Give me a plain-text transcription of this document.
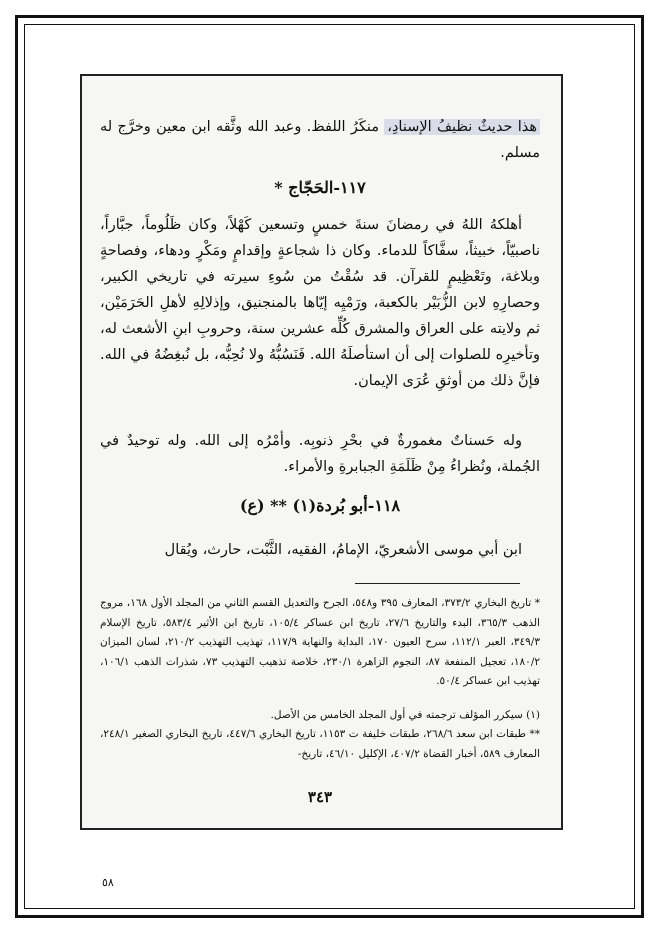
هذا حديثٌ نظيفُ الإسنادِ، منكَرُ اللفظ. وعبد الله وثَّقه ابن معين وخرَّج له مسلم.
١١٧-الحَجّاج *
أهلكهُ اللهُ في رمضانَ سنةَ خمسٍ وتسعين كَهْلاً، وكان ظَلُوماً، جبَّاراً، ناصبيّاً، خبيثاً، سفَّاكاً للدماء. وكان ذا شجاعةٍ وإقدامٍ ومَكْرٍ ودهاء، وفصاحةٍ وبلاغة، وتَعْظِيمٍ للقرآن. قد سُقْتُ من سُوءِ سيرته في تاريخي الكبير، وحصارِهِ لابن الزُّبَيْر بالكعبة، ورَمْيِه إيّاها بالمنجنيق، وإذلالِهِ لأهلِ الحَرَمَيْن، ثم ولايته على العراق والمشرق كُلِّه عشرين سنة، وحروبِ ابنِ الأشعث له، وتأخيرِه للصلوات إلى أن استأصلَهُ الله. فَنَسُبُّهُ ولا نُحِبُّه، بل نُبغِضُهُ في الله. فإنَّ ذلك من أوثقِ عُرَى الإيمان.
وله حَسناتٌ مغمورةٌ في بحْرِ ذنوبِه. وأمْرُه إلى الله. وله توحيدٌ في الجُملة، ونُظراءُ مِنْ ظَلَمَةِ الجبابرةِ والأمراء.
١١٨-أبو بُردة(١) ** (ع)
ابن أبي موسى الأشعريّ، الإمامُ، الفقيه، الثَّبْت، حارث، ويُقال
* تاريخ البخاري ٣٧٣/٢، المعارف ٣٩٥ و٥٤٨، الجرح والتعديل القسم الثاني من المجلد الأول ١٦٨، مروج الذهب ٣٦٥/٣، البدء والتاريخ ٢٧/٦، تاريخ ابن عساكر ١٠٥/٤، تاريخ ابن الأثير ٥٨٣/٤، تاريخ الإسلام ٣٤٩/٣، العبر ١١٢/١، سرح العيون ١٧٠، البداية والنهاية ١١٧/٩، تهذيب التهذيب ٢١٠/٢، لسان الميزان ١٨٠/٢، تعجيل المنفعة ٨٧، النجوم الزاهرة ٢٣٠/١، خلاصة تذهيب التهذيب ٧٣، شذرات الذهب ١٠٦/١، تهذيب ابن عساكر ٥٠/٤.
(١) سيكرر المؤلف ترجمته في أول المجلد الخامس من الأصل.
** طبقات ابن سعد ٢٦٨/٦، طبقات خليفة ت ١١٥٣، تاريخ البخاري ٤٤٧/٦، تاريخ البخاري الصغير ٢٤٨/١، المعارف ٥٨٩، أخبار القضاة ٤٠٧/٢، الإكليل ٤٦/١٠، تاريخ-
٣٤٣
٥٨
